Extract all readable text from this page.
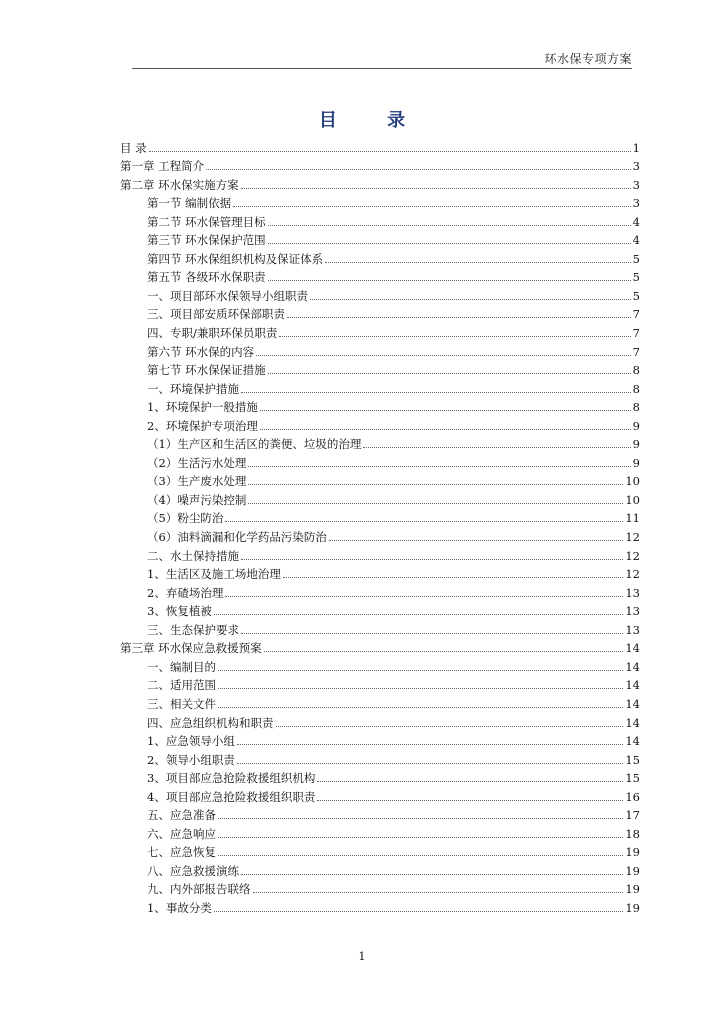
环水保专项方案
目 录
目 录	1
第一章 工程简介	3
第二章 环水保实施方案	3
第一节 编制依据	3
第二节 环水保管理目标	4
第三节 环水保保护范围	4
第四节 环水保组织机构及保证体系	5
第五节 各级环水保职责	5
一、项目部环水保领导小组职责	5
三、项目部安质环保部职责	7
四、专职/兼职环保员职责	7
第六节 环水保的内容	7
第七节 环水保保证措施	8
一、环境保护措施	8
1、环境保护一般措施	8
2、环境保护专项治理	9
（1）生产区和生活区的粪便、垃圾的治理	9
（2）生活污水处理	9
（3）生产废水处理	10
（4）噪声污染控制	10
（5）粉尘防治	11
（6）油料滴漏和化学药品污染防治	12
二、水土保持措施	12
1、生活区及施工场地治理	12
2、弃碴场治理	13
3、恢复植被	13
三、生态保护要求	13
第三章 环水保应急救援预案	14
一、编制目的	14
二、适用范围	14
三、相关文件	14
四、应急组织机构和职责	14
1、应急领导小组	14
2、领导小组职责	15
3、项目部应急抢险救援组织机构	15
4、项目部应急抢险救援组织职责	16
五、应急准备	17
六、应急响应	18
七、应急恢复	19
八、应急救援演练	19
九、内外部报告联络	19
1、事故分类	19
1
